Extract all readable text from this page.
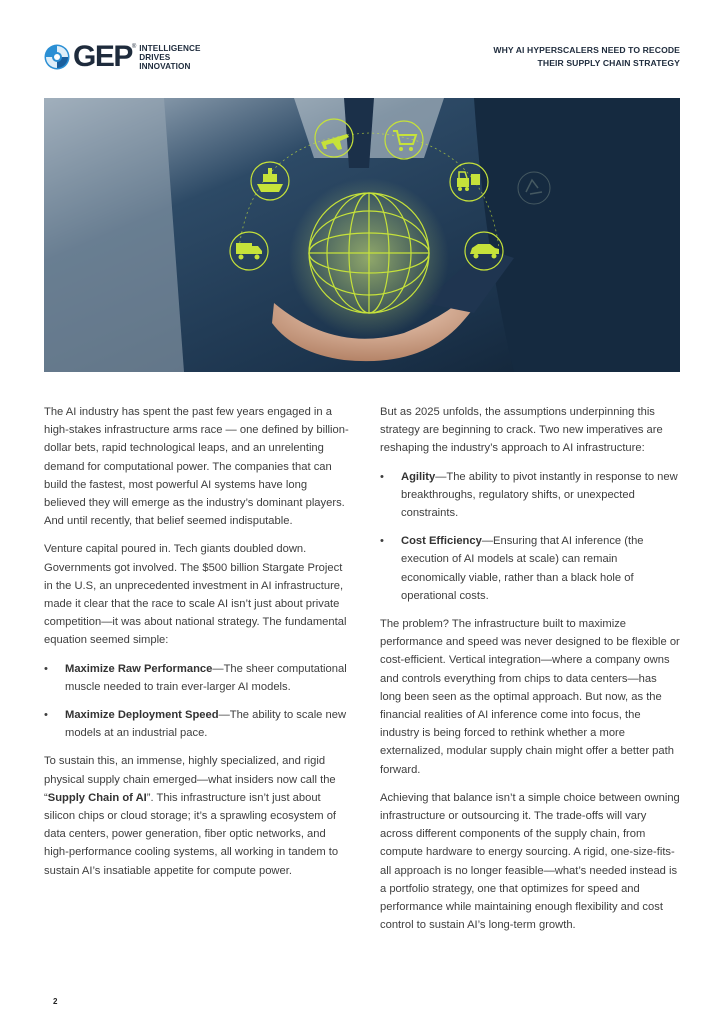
GEP ® INTELLIGENCE
DRIVES
INNOVATION
WHY AI HYPERSCALERS NEED TO RECODE
THEIR SUPPLY CHAIN STRATEGY

The AI industry has spent the past few years engaged in a high-stakes infrastructure arms race — one defined by billion-dollar bets, rapid technological leaps, and an unrelenting demand for computational power. The companies that can build the fastest, most powerful AI systems have long believed they will emerge as the industry’s dominant players. And until recently, that belief seemed indisputable.

Venture capital poured in. Tech giants doubled down. Governments got involved. The $500 billion Stargate Project in the U.S, an unprecedented investment in AI infrastructure, made it clear that the race to scale AI isn’t just about private competition—it was about national strategy. The fundamental equation seemed simple:

• Maximize Raw Performance—The sheer computational muscle needed to train ever-larger AI models.
• Maximize Deployment Speed—The ability to scale new models at an industrial pace.

To sustain this, an immense, highly specialized, and rigid physical supply chain emerged—what insiders now call the “Supply Chain of AI”. This infrastructure isn’t just about silicon chips or cloud storage; it’s a sprawling ecosystem of data centers, power generation, fiber optic networks, and high-performance cooling systems, all working in tandem to sustain AI’s insatiable appetite for compute power.

But as 2025 unfolds, the assumptions underpinning this strategy are beginning to crack. Two new imperatives are reshaping the industry’s approach to AI infrastructure:

• Agility—The ability to pivot instantly in response to new breakthroughs, regulatory shifts, or unexpected constraints.
• Cost Efficiency—Ensuring that AI inference (the execution of AI models at scale) can remain economically viable, rather than a black hole of operational costs.

The problem? The infrastructure built to maximize performance and speed was never designed to be flexible or cost-efficient. Vertical integration—where a company owns and controls everything from chips to data centers—has long been seen as the optimal approach. But now, as the financial realities of AI inference come into focus, the industry is being forced to rethink whether a more externalized, modular supply chain might offer a better path forward.

Achieving that balance isn’t a simple choice between owning infrastructure or outsourcing it. The trade-offs will vary across different components of the supply chain, from compute hardware to energy sourcing. A rigid, one-size-fits-all approach is no longer feasible—what’s needed instead is a portfolio strategy, one that optimizes for speed and performance while maintaining enough flexibility and cost control to sustain AI’s long-term growth.

2
